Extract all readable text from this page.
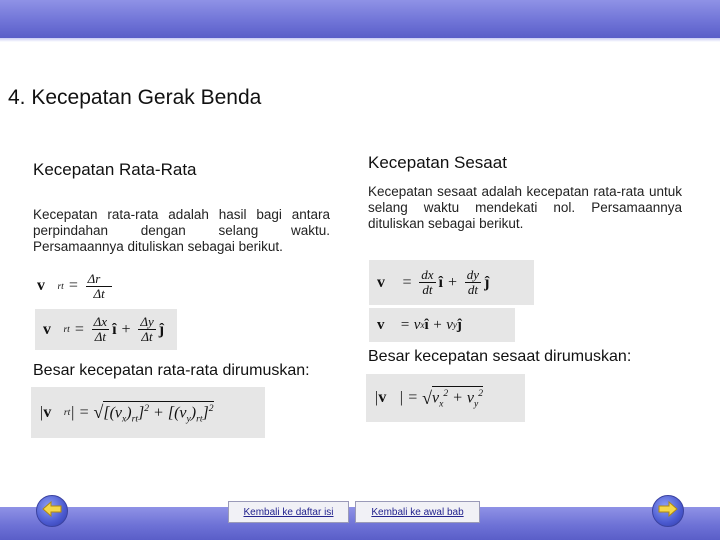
4. Kecepatan Gerak Benda
Kecepatan Rata-Rata
Kecepatan rata-rata adalah hasil bagi antara perpindahan dengan selang waktu. Persamaannya dituliskan sebagai berikut.
v⃗ rt = $\frac{\Delta r⃗}{\Delta t}$
v⃗ rt = $\frac{\Delta x}{\Delta t}$ î + $\frac{\Delta y}{\Delta t}$ ĵ
Besar kecepatan rata-rata dirumuskan:
| v⃗ rt | = √ $[(v_x)_{rt}]^2 + [(v_y)_{rt}]^2$
Kecepatan Sesaat
Kecepatan sesaat adalah kecepatan rata-rata untuk selang waktu mendekati nol. Persamaannya dituliskan sebagai berikut.
v⃗ = $\frac{dx}{dt}$ î + $\frac{dy}{dt}$ ĵ
v⃗ = v x î + v y ĵ
Besar kecepatan sesaat dirumuskan:
| v⃗ | = √ $v_x^2 + v_y^2$
Kembali ke daftar isi	Kembali ke awal bab
